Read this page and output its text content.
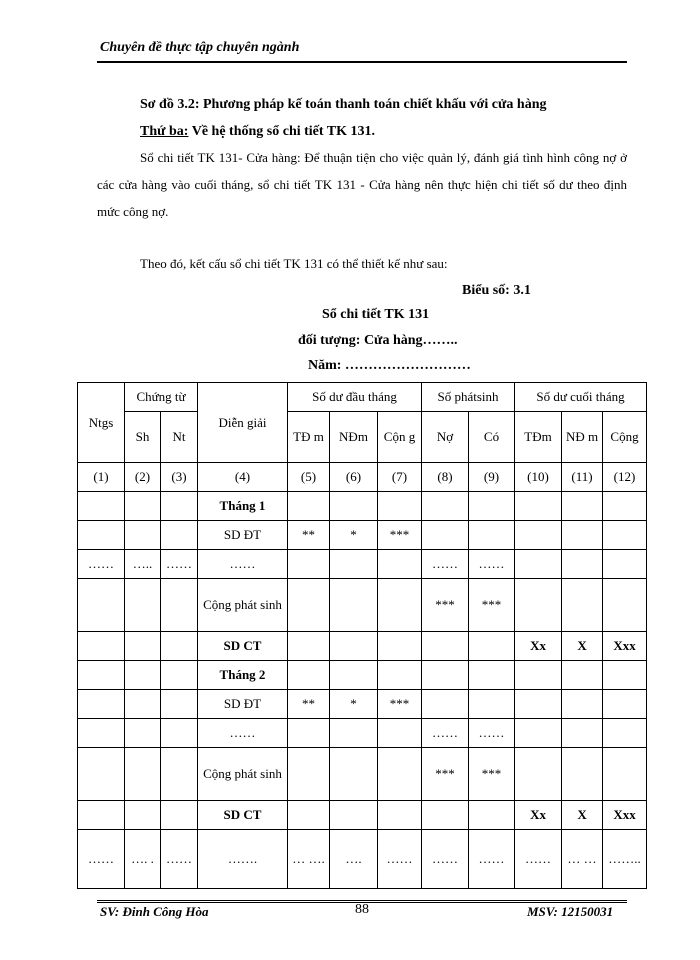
Chuyên đề thực tập chuyên ngành
Sơ đồ 3.2: Phương pháp kế toán thanh toán chiết khấu với cửa hàng
Thứ ba: Về hệ thống sổ chi tiết TK 131.
Sổ chi tiết TK 131- Cửa hàng: Để thuận tiện cho việc quản lý, đánh giá tình hình công nợ ở các cửa hàng vào cuối tháng, sổ chi tiết TK 131 - Cửa hàng nên thực hiện chi tiết số dư theo định mức công nợ.
Theo đó, kết cấu sổ chi tiết TK 131 có thể thiết kế như sau:
Biểu số: 3.1
Sổ chi tiết TK 131
đối tượng: Cửa hàng……..
Năm: ………………………
Ntgs	Chứng từ		Diễn giải	Số dư đầu tháng			Số phátsinh		Số dư cuối tháng		
	Sh	Nt		TĐ m	NĐm	Cộn g	Nợ	Có	TĐm	NĐ m	Cộng
(1)	(2)	(3)	(4)	(5)	(6)	(7)	(8)	(9)	(10)	(11)	(12)
			Tháng 1								
			SD ĐT	**	*	***					
……	…..	……	……				……	……			
			Cộng phát sinh				***	***			
			SD CT						Xx	X	Xxx
			Tháng 2								
			SD ĐT	**	*	***					
			……				……	……			
			Cộng phát sinh				***	***			
			SD CT						Xx	X	Xxx
……	…. .	……	…….	… ….	….	……	……	……	……	… …	……..
SV: Đinh Công Hòa	88	MSV: 12150031
